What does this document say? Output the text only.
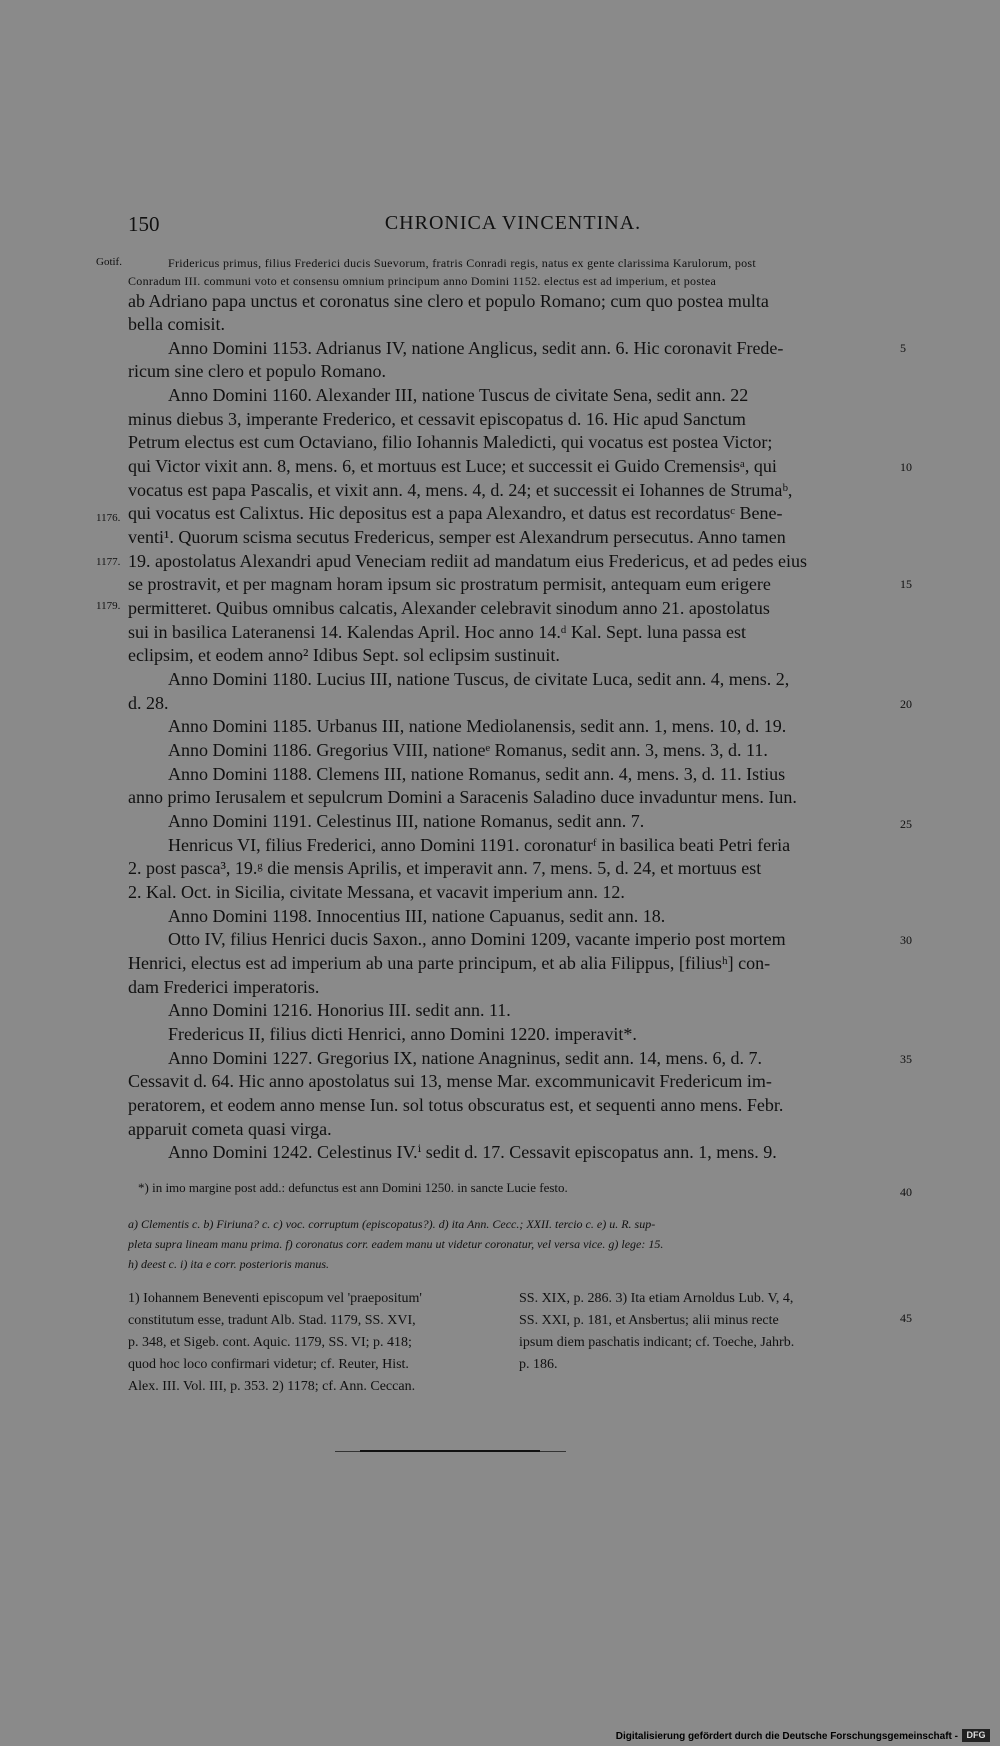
150	CHRONICA VINCENTINA.
Gotif.
1176.
1177.
1179.
5
10
15
20
25
30
35
40
45
Fridericus primus, filius Frederici ducis Suevorum, fratris Conradi regis, natus ex gente clarissima Karulorum, post
Conradum III. communi voto et consensu omnium principum anno Domini 1152. electus est ad imperium, et postea
ab Adriano papa unctus et coronatus sine clero et populo Romano; cum quo postea multa
bella comisit.
Anno Domini 1153. Adrianus IV, natione Anglicus, sedit ann. 6. Hic coronavit Frede-
ricum sine clero et populo Romano.
Anno Domini 1160. Alexander III, natione Tuscus de civitate Sena, sedit ann. 22
minus diebus 3, imperante Frederico, et cessavit episcopatus d. 16. Hic apud Sanctum
Petrum electus est cum Octaviano, filio Iohannis Maledicti, qui vocatus est postea Victor;
qui Victor vixit ann. 8, mens. 6, et mortuus est Luce; et successit ei Guido Cremensisᵃ, qui
vocatus est papa Pascalis, et vixit ann. 4, mens. 4, d. 24; et successit ei Iohannes de Strumaᵇ,
qui vocatus est Calixtus. Hic depositus est a papa Alexandro, et datus est recordatusᶜ Bene-
venti¹. Quorum scisma secutus Fredericus, semper est Alexandrum persecutus. Anno tamen
19. apostolatus Alexandri apud Veneciam rediit ad mandatum eius Fredericus, et ad pedes eius
se prostravit, et per magnam horam ipsum sic prostratum permisit, antequam eum erigere
permitteret. Quibus omnibus calcatis, Alexander celebravit sinodum anno 21. apostolatus
sui in basilica Lateranensi 14. Kalendas April. Hoc anno 14.ᵈ Kal. Sept. luna passa est
eclipsim, et eodem anno² Idibus Sept. sol eclipsim sustinuit.
Anno Domini 1180. Lucius III, natione Tuscus, de civitate Luca, sedit ann. 4, mens. 2,
d. 28.
Anno Domini 1185. Urbanus III, natione Mediolanensis, sedit ann. 1, mens. 10, d. 19.
Anno Domini 1186. Gregorius VIII, nationeᵉ Romanus, sedit ann. 3, mens. 3, d. 11.
Anno Domini 1188. Clemens III, natione Romanus, sedit ann. 4, mens. 3, d. 11. Istius
anno primo Ierusalem et sepulcrum Domini a Saracenis Saladino duce invaduntur mens. Iun.
Anno Domini 1191. Celestinus III, natione Romanus, sedit ann. 7.
Henricus VI, filius Frederici, anno Domini 1191. coronaturᶠ in basilica beati Petri feria
2. post pasca³, 19.ᵍ die mensis Aprilis, et imperavit ann. 7, mens. 5, d. 24, et mortuus est
2. Kal. Oct. in Sicilia, civitate Messana, et vacavit imperium ann. 12.
Anno Domini 1198. Innocentius III, natione Capuanus, sedit ann. 18.
Otto IV, filius Henrici ducis Saxon., anno Domini 1209, vacante imperio post mortem
Henrici, electus est ad imperium ab una parte principum, et ab alia Filippus, [filiusʰ] con-
dam Frederici imperatoris.
Anno Domini 1216. Honorius III. sedit ann. 11.
Fredericus II, filius dicti Henrici, anno Domini 1220. imperavit*.
Anno Domini 1227. Gregorius IX, natione Anagninus, sedit ann. 14, mens. 6, d. 7.
Cessavit d. 64. Hic anno apostolatus sui 13, mense Mar. excommunicavit Fredericum im-
peratorem, et eodem anno mense Iun. sol totus obscuratus est, et sequenti anno mens. Febr.
apparuit cometa quasi virga.
Anno Domini 1242. Celestinus IV.ⁱ sedit d. 17. Cessavit episcopatus ann. 1, mens. 9.
*) in imo margine post add.: defunctus est ann Domini 1250. in sancte Lucie festo.
a) Clementis c. b) Firiuna? c. c) voc. corruptum (episcopatus?). d) ita Ann. Cecc.; XXII. tercio c. e) u. R. sup-
pleta supra lineam manu prima. f) coronatus corr. eadem manu ut videtur coronatur, vel versa vice. g) lege: 15.
h) deest c. i) ita e corr. posterioris manus.
1) Iohannem Beneventi episcopum vel 'praepositum'
constitutum esse, tradunt Alb. Stad. 1179, SS. XVI,
p. 348, et Sigeb. cont. Aquic. 1179, SS. VI; p. 418;
quod hoc loco confirmari videtur; cf. Reuter, Hist.
Alex. III. Vol. III, p. 353. 2) 1178; cf. Ann. Ceccan.
SS. XIX, p. 286. 3) Ita etiam Arnoldus Lub. V, 4,
SS. XXI, p. 181, et Ansbertus; alii minus recte
ipsum diem paschatis indicant; cf. Toeche, Jahrb.
p. 186.
Digitalisierung gefördert durch die Deutsche Forschungsgemeinschaft - DFG
